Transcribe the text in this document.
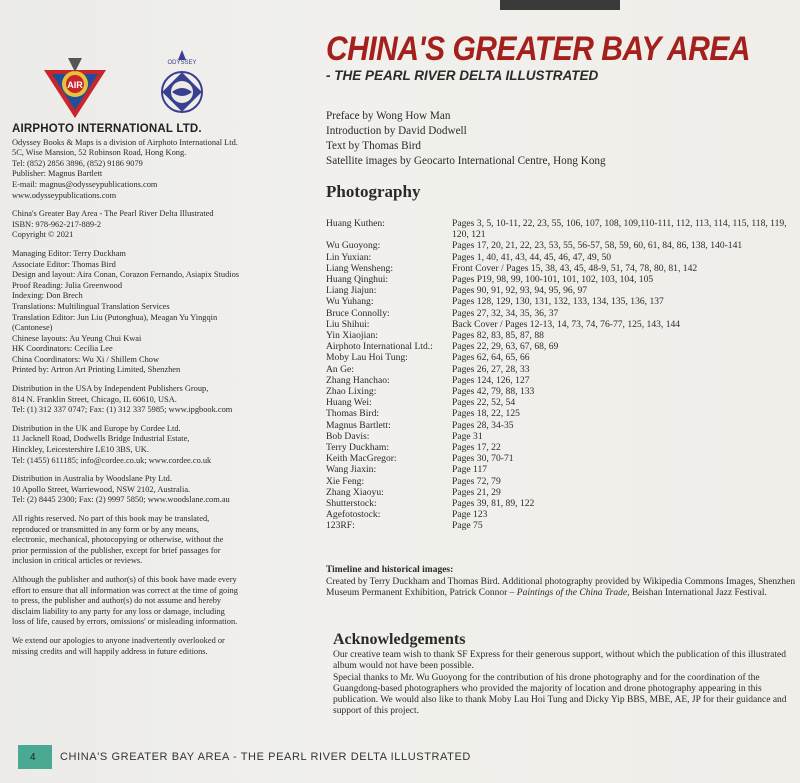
AIR
ODYSSEY
AIRPHOTO INTERNATIONAL LTD.
Odyssey Books & Maps is a division of Airphoto International Ltd.
5C, Wise Mansion, 52 Robinson Road, Hong Kong.
Tel: (852) 2856 3896, (852) 9186 9079
Publisher: Magnus Bartlett
E-mail: magnus@odysseypublications.com
www.odysseypublications.com
China's Greater Bay Area - The Pearl River Delta Illustrated
ISBN: 978-962-217-889-2
Copyright © 2021
Managing Editor: Terry Duckham
Associate Editor: Thomas Bird
Design and layout: Aira Conan, Corazon Fernando, Asiapix Studios
Proof Reading: Julia Greenwood
Indexing: Don Brech
Translations: Multilingual Translation Services
Translation Editor: Jun Liu (Putonghua), Meagan Yu Yingqin
(Cantonese)
Chinese layouts: Au Yeung Chui Kwai
HK Coordinators: Cecilia Lee
China Coordinators: Wu Xi / Shillem Chow
Printed by: Artron Art Printing Limited, Shenzhen
Distribution in the USA by Independent Publishers Group,
814 N. Franklin Street, Chicago, IL 60610, USA.
Tel: (1) 312 337 0747; Fax: (1) 312 337 5985; www.ipgbook.com
Distribution in the UK and Europe by Cordee Ltd.
11 Jacknell Road, Dodwells Bridge Industrial Estate,
Hinckley, Leicestershire LE10 3BS, UK.
Tel: (1455) 611185; info@cordee.co.uk; www.cordee.co.uk
Distribution in Australia by Woodslane Pty Ltd.
10 Apollo Street, Warriewood, NSW 2102, Australia.
Tel: (2) 8445 2300; Fax: (2) 9997 5850; www.woodslane.com.au
All rights reserved. No part of this book may be translated,
reproduced or transmitted in any form or by any means,
electronic, mechanical, photocopying or otherwise, without the
prior permission of the publisher, except for brief passages for
inclusion in critical articles or reviews.
Although the publisher and author(s) of this book have made every
effort to ensure that all information was correct at the time of going
to press, the publisher and author(s) do not assume and hereby
disclaim liability to any party for any loss or damage, including
loss of life, caused by errors, omissions' or misleading information.
We extend our apologies to anyone inadvertently overlooked or
missing credits and will happily address in future editions.
CHINA'S GREATER BAY AREA
- THE PEARL RIVER DELTA ILLUSTRATED
Preface by Wong How Man
Introduction by David Dodwell
Text by Thomas Bird
Satellite images by Geocarto International Centre, Hong Kong
Photography
Huang Kuthen:	Pages 3, 5, 10-11, 22, 23, 55, 106, 107, 108, 109,110-111, 112, 113, 114, 115, 118, 119, 120, 121
Wu Guoyong:	Pages 17, 20, 21, 22, 23, 53, 55, 56-57, 58, 59, 60, 61, 84, 86, 138, 140-141
Lin Yuxian:	Pages 1, 40, 41, 43, 44, 45, 46, 47, 49, 50
Liang Wensheng:	Front Cover / Pages 15, 38, 43, 45, 48-9, 51, 74, 78, 80, 81, 142
Huang Qinghui:	Pages P19, 98, 99, 100-101, 101, 102, 103, 104, 105
Liang Jiajun:	Pages 90, 91, 92, 93, 94, 95, 96, 97
Wu Yuhang:	Pages 128, 129, 130, 131, 132, 133, 134, 135, 136, 137
Bruce Connolly:	Pages 27, 32, 34, 35, 36, 37
Liu Shihui:	Back Cover / Pages 12-13, 14, 73, 74, 76-77, 125, 143, 144
Yin Xiaojian:	Pages 82, 83, 85, 87, 88
Airphoto International Ltd.:	Pages 22, 29, 63, 67, 68, 69
Moby Lau Hoi Tung:	Pages 62, 64, 65, 66
An Ge:	Pages 26, 27, 28, 33
Zhang Hanchao:	Pages 124, 126, 127
Zhao Lixing:	Pages 42, 79, 88, 133
Huang Wei:	Pages 22, 52, 54
Thomas Bird:	Pages 18, 22, 125
Magnus Bartlett:	Pages 28, 34-35
Bob Davis:	Page 31
Terry Duckham:	Pages 17, 22
Keith MacGregor:	Pages 30, 70-71
Wang Jiaxin:	Page 117
Xie Feng:	Pages 72, 79
Zhang Xiaoyu:	Pages 21, 29
Shutterstock:	Pages 39, 81, 89, 122
Agefotostock:	Page 123
123RF:	Page 75
Timeline and historical images:
Created by Terry Duckham and Thomas Bird. Additional photography provided by Wikipedia Commons Images, Shenzhen Museum Permanent Exhibition, Patrick Connor – Paintings of the China Trade, Beishan International Jazz Festival.
Acknowledgements

Our creative team wish to thank SF Express for their generous support, without which the publication of this illustrated album would not have been possible.

Special thanks to Mr. Wu Guoyong for the contribution of his drone photography and for the coordination of the Guangdong-based photographers who provided the majority of location and drone photography appearing in this publication. We would also like to thank Moby Lau Hoi Tung and Dicky Yip BBS, MBE, AE, JP for their guidance and support of this project.

4	CHINA'S GREATER BAY AREA - THE PEARL RIVER DELTA ILLUSTRATED
